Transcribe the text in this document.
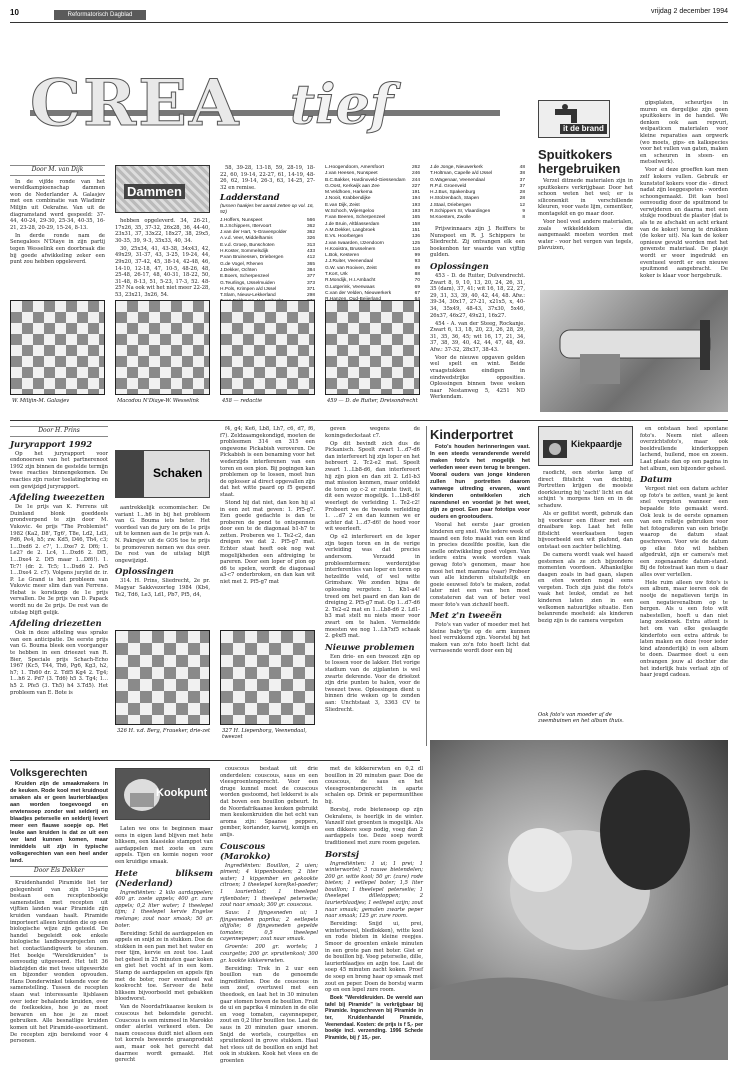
10	Reformatorisch Dagblad	vrijdag 2 december 1994
CREA tief
Door M. van Dijk

In de vijfde ronde van het wereldkampioenschap dammen won de Nederlander A. Galasjev met een combinatie van Wladimir Milijin uit Oekraïne. Van uit de diagramstand werd gespeeld: 37-44, 40-24, 29-30, 25-34, 40-35, 16-21, 23-28, 20-29, 15-24, 8-13.

In derde ronde nam de Senegalees N'Diaye in zijn partij tegen Wesselink een doorbraak die bij goede afwikkeling zeker een punt zou hebben opgeleverd.

W. Milijin-M. Galasjev
Dammen

hebben opgeleverd. 34, 26-21, 17x26, 35, 37-32, 26x28, 36, 44-40, 23x31, 37, 33x22, 18x27, 38, 29x5, 30-35, 39, 9-3, 35x33, 40, 34.

30, 25x34, 41, 43-38, 34x43, 42, 49x29, 31-37, 43, 3-25, 19-24, 44, 29x20, 37-42, 45, 38-14, 42-48, 46, 14-10, 12-18, 47, 10-5, 48-26, 48, 25-48, 26-17, 48, 40-31, 18-22, 50, 31-48, 8-13, 51, 5-23, 17-3, 52. 48-25? Na ook wit het niet meer 22-28, 53, 23x21, 3x26, 54.

Macodou N'Diaye-W. Wesselink

58, 39-28, 13-18, 59, 28-19, 18-22, 60, 19-14, 22-27, 61, 14-19, 48-26, 62, 19-14, 26-3, 63, 14-25, 27-32 en remise.

Ladderstand
(tussen haakjes het aantal zetten op vol. 16, 92)
J.Hoffers, Nunspeet	566
B.J.Schippers, Ittervoort	362
J.van der Hart, 's-Gravenpolder	362
A.v.d. Veer, Middelharnis	326
E.v.d. Groep, Bunschoten	313
H.Koster, Sommelsdijk	433
P.van Bruinessen, Driebergen	412
G.de Vogel, Rhenen	365
J.Dekker, Ochten	384
E.Boers, Scherpenzeel	377
G.Teurlings, IJsselmuiden	373
H.Pols, Krimpen a/d IJssel	371
T.Slam, Nieuw-Lekkerland	298
458 — redactie
L.Hoogendoorn, Amersfoort	262
J.van Heesen, Nunspeet	246
B.C.Bakker, Hardinxveld-Giessendam 244
G.Oost, Kerkwijk aan Zee	227
M.Veldhoen, Harkema	191
J.Nooit, Krabbendijke	194
E.van Dijk, Zeist	193
W.Schoch, Wijersgeloo	193
F.van Beeren, Scherpenzeel	165
J.de Bruin, Altblasserdam	158
A.M.Dekker, Langbroek	151
E.Vs. Hoorbergen	136
J.van Iwaarden, IJzendoorn	125
H.Kooistra, Brusselnem	116
L.Bok, Kesteren	99
J.J.Ruiter, Veenendaal	93
G.W. van Rooiven, Zeist	89
T.Kort, Urk	88
R.Mondijk, H.I.Ambacht	70
G.Lutgerink, Veenwaas	69
C.van der Velden, Nieuwerkerk	67
459 — D. de Ruiter, Dreisondrecht
J.de Jonge, Nieuwerkerk	48
T.Holtman, Capelle a/d IJssel	38
G.Wagenaar, Veenendaal	37
R.P.d. Groenveld	37
H.J.Bus, Spakenburg	28
H.Stolzenbach, Stapen	28
J.Staal, Driebergen	12
R.Schippers Sr, Vlaardingen	9
M.Koesters, Zwolle	8

Prijswinnaars zijn J. Reiffers te Nunspeet en R. J. Schippers te Sliedrecht. Zij ontvangen elk een boekenbon ter waarde van vijftig gulden.

Oplossingen

453 - D. de Ruiter, Dulvendrecht. Zwart 8, 9, 10, 13, 20, 24, 26, 31, 35 (dam), 37, 41; wit 16, 18, 22, 27, 29, 31, 33, 39, 40, 42, 44, 48. Afw.: 39-34, 30x17, 27-21, x21x5, x, 40-34, 35x49, 48-43, 37x30, 5x46, 26x37, 46x27, 49x21, 16x27.

454 - A. van der Steeg, Rockanje. Zwart 6, 13, 18, 20, 23, 26, 28, 29, 31, 35, 36, 45; wit 16, 17, 21, 34, 37, 38, 39, 40, 42, 44, 47, 48, 49. Afw.: 37-32, 28x37, 38-43.

Voor de nieuwe opgaven gelden wel spelt en wint. Beide vraagstukken eindigen in eindwedstrijke opposities. Oplossingen binnen twee weken naar Nestanweg 5, 4251 ND Werkendam.

it de brand
Spuitkokers hergebruiken

Verzel ditmede materialen zijn in spuitkokers verkrijgbaar. Door het schoon weten het wel; er is siliconenkit in verschillende kleuren, voor vaste lijm, cementker, montagekit en go maar door.

Voor heel veel andere materialen, zoals wikkeldekken - die aangemaakt moeten worden met water - voor het vergen van tegels, plavuizen,

gipsplaten, scheurtjes in muren en dergelijke zijn geen spuitkokers in de handel. We denken ook aan repvuri, welpasticen materialen voor kleine reparaties aan orgwerk (wo moets, gips- en kalkspecies voor het vullen van gaten, maken en scheuren in steen- en metselwerk).

Voor al deze groeffen kan men zelf kokers vullen. Gebruik er kunststof kokers voor die - direct nadat zijn leeggespoten - worden schoongemaakt. Dit kan heel eenvoudig door de spuitmond te verwijderen en daarna met een stukje roodbuut de plaster (dat is als te ze afschakt en acht erkant van de koker) terug te drukken (de koker uit). Na kan de koker opnieuw gevuld worden met het gewenste materiaal. De plasje wordt er weer ingedrukt en eventueel wordt er een nieuwe spuitmond aangebracht. De koker is klaar voor hergebruik.

Door H. Prins
Juryrapport 1992

Op het juryrapport voor endonoersen van het partnerenoot 1992 zijn binnen de gestelde termijn twee reacties binnengekomen. De reacties zijn ruster toelatingbring en een gewijzigd juryrapport.

Afdeling tweezetten

De 1e prijs van K. Ferrens uit Duinland blonk goeddeels grondverpend te zijn door M. Vukovic. 4e prijs "The Problemist" 1982 (Ka2, D8', Tg6', T8e, Ld2, Ld3, Pd6, Pe4, b5; zw. Kd5, D46, Th4, c3; 1...Dxd6 2. c7', 1...Dxe7 2. Df6; 1. Le2? de 2. Lc4, 1...Dxd6 2. Df5, 1...Dxe4 2. Df5 maar 1...Df6!). 1. Tc7! (dr. 2. Tc5; 1...Dxd6 2. Pe5 1...Dxe4 2. c7). Volgens jurylid dr. ir. P. Le Grand is het probleem van Vukovic meer slim dan van Ferrens. Hebat is korstkopp de 1e prijs vervallen. De 3e prijs van D. Papack wordt nu de 2e prijs. De rest van de uitslag blijft gelijk.

Afdeling driezetten

Ook in deze afdeling was sprake van een anticipatie. De eerste prijs van G. Bouma bleek een voorganger te hebben in een drieezet van R. Bier, Speciale prijs Schach-Echo 1967 (Kc5, T44, Th6, Pg6, Kg3, h2, h7; 1. Th60 dr. 2. Tdf5 Kg4 2. Tg4; 1...h6 2. Pd7 (3. Td6) h5 3. Tg4; 1... h5 2. Pfe5 (3. Th5) h4 3.Td5). Het probleem van E. Bote is

Schaken

aantrekkelijk ecomomischer. De variant 1...h6 in bij het probleem van G. Bouma iets beter. Het voordeel van de jury om de 1e prijs uit te kennen aan de 1e prijs van A. N. Pakrejev uit de GOS toe te prijs te promoveren nemen we dus over. De rest van de uitslag blijft ongewijzigd.

Oplossingen

314. H. Prins, Sliedrecht, 2e pr. Magyar Sakkvezerteg 1984 (Kb4, Te2, Td6, Le3, Ld1, Pb7, Pf5, d4,

326 H. v.d. Berg, Fraueker, drie-zet

f4, g4; Ke6, Lb8, Lh7, c6, d7, f6, f7). Zeldzaamgekondigd, moeten de probleemen 314 en 315 een ongewone Pickabish veroveren. De Pickabish is een benaming voor het wederzijds interferenen van een toren en een pion. Bij pogingen kan problemen op te lossen, moet hun de oplosser al direct opgevallen zijn dat het witte paard op f5 gepend staat.

Stond hij dat niet, dan kon hij al in een zet mat geven: 1. Pf5-g7. Een goede gedachte is dan te proberen de pend te ontspennen door een te de diagonaal b1-h7 te zetten. Proberen we 1. Te2-c2, dan dreigen we dat 2. Pf5-g7 mat. Echter staat heeft ook nog wat mogelijkheden een afdreiging te pareren. Door een loper of pion op d6 te spelen, wordt de diagonaal a3-c7 onderbroken, en dan kan wit niet met 2. Pf5-g7 mat

327 H. Liepenborg, Veenendaal, tweezet

geven wegens de koningsdeckstaat c7.

Op dit bevindt zich dus de Pickanisch. Speelt zwart 1...d7-d6 dan interfereert hij zijn loper en het hebreert 2. Tc2-e2 mat. Speelt zwart 1...Lb8-d6, dan interfereert hij zijn pion en dan zit 2. Ld1-b3 mat mission kenmen, maar ontdekt de toren op c-2 er ruimte tiwit, is dit een wezor mogelijk. 1...Lb8-d6! weerlegt de verleiding 1. Te2-c2! Probeert we de tweede verleiding 1. ...d7 2 en dan kunnen we er achter dat 1...d7-d6! de hoed voor wit weerleeft.

Op e2 interfereert en de loper zijn tegen toren en in de verige verleiding was dat precies andersom. Verzadd in probleemtermen: werderzijdse interferenties van loper en toren op hetzelfde veld, of wel witte Grimshaw. We zonden bijna de oplossing vergeten: 1. Kb1-a4! treed om het paard en dan kan de dreiging 2. Pf5-g7 mat. Op 1...d7-d6 2. Te2-e2 mat en 1...Lb8-d6 2. Ld1-b3 mat stelt nu niets meer voor zwart om te halen. Vermeldde moesten we nog 1...Lh7xf5 schaak 2. g4xf5 mat.

Nieuwe problemen

Een drie- en een tweezet zijn op te lossen voor de lakker. Het vorige stadium van de zijplanten is wel zwarte dekrende. Voor de drieëzet zijn drie punten te halen, voor de tweezet twee. Oplossingen dient u binnen drie weken op te zenden aan: Unchtstaat 3, 3363 CV te Sliedrecht.

Kinderportret

Foto's houden herinneringen vast. In een steeds veranderende wereld maken foto's het mogelijk het verleden weer even terug te brengen. Vooral ouders van jonge kinderen zullen hun portretten daarom vanwege uitreding ervaren, want kinderen ontwikkelen zich razendsnel en voordat je het weet, zijn ze groot. Een paar fototips voor ouders en grootouders.

Vooral het eerste jaar groeien kinderen erg snel. Wie iedere week of maand een foto maakt van een kind in precies dezelfde positie, kan die snelle ontwikkeling goed volgen. Van iedere extra week worden vaak gewag foto's genomen, maar hoe mooi het met mamma (vaar) Probeer van alle kinderen uitsluitelijk en goeie eeuwsel foto's te maken, zodat later niet een van hen moet constateren dat van of beter veel meer foto's van zichzelf heeft.

Met z'n tweeën

Foto's van vader of moeder met het kleine baby'tje op de arm kunnen heel verrukkend zijn. Voorstel bij het maken van zo'n foto hoeft licht dat verrassende wordt door een bij

Kiekpaardje

raodicht, een sterke lamp of direct flitslicht van dichtbij. Portretten krijgen de mooiste doorkleuring bij 'zacht' licht en dat schijnt 's morgens tien en in de schaduw.

Als er geflitst wordt, gebruik dan bij voorkeur een flitser met een draaibare kop. Laat het felle flitslicht weerkaatsen tegen bijvoorbeeld een wit plafond, dan ontstaat een zachter belichting.

De camera wordt vaak wel haasd gestemen als ze zich bijzondere momenten voordoen. Afhankelijke daagen zoals in bad gaan, slapen en eten worden nogal eens vergeten. Toch zijn juist die foto's vaak het leukst, omdat ze het kinderen laten zien in een welkomen natuurlijke situatie. Een belanrende moeheid: als kinderen bezig zijn is de camera vergeten

Ook foto's van moeder af de zwembuinen en het album thuis.

en ontstaan heel spontane foto's. Neem niet alleen overzichtsfoto's, maar ook beeldvullende kinderkoppen lachend, huilend, moe en zoeen. Laat plaats dan op een pagina in het album, een bijzonder geheel.

Datum

Vergeet niet een datum achter op foto's te zetten, want je kent snel vergeten wanneer een bepaalde foto gemaakt werd. Ook leuk is de eerste opnamen van een rolletje gebruiken voor het fotograferen van een briefje waarop de datum staat geschreven. Voor wie de datum op elke foto wil hebben afgedrukt, zijn er camera's met een zogenaamde datum-stand. Bij de fotostraat kan men u daar alles over vertellen.

Hele ruim alleen uw foto's is een album, maar ieeren ook de nootje de negatieven terijn in een negatievenalbum op te bergen. Als u een foto wilt nabestellen, hoeft u dan niet lang zoeknoek. Extra attent is het om van elke geslaagde kinderfoto een extra afdruk te laten maken en deze (voor ieder kind afzonderlijk) in een album te doen. Daarmee doet u een ontvangen jouw al dochter die het inderlijk huis verlaat zijn of haar jeugd cadeau.

Volksgerechten

Kruiden zijn de smaakmakers in de keuken. Rode kool met kruidnout smaken als er geen laurierblaadjes aan worden toegevoegd en erwtensoep zonder wat selderij en blaadjes peterselie en selderij levert meer een flauwe soepje op. Het leuke aan kruiden is dat ze uit een ver land kunnen komen, maar inmiddels uit zijn in typische volksgerechten van een heel ander land.

Door Els Dekker

Kruidenhandel Piramide liet ter gelegenheid van zijn 15-jarig bestaan een receptenboekje samenstellen met recepten uit vijftien landen waar Piramide zijn kruiden vandaan haalt. Piramide importeert alleen kruiden die op een biologische wijze zijn geteeld. De handel begeleidt ook enkele biologische landbouwprojecten om het contactlandigwerk te steunen. Het boekje "Wereldkruiden" is eenvoudig uitgevoerd. Het telt 36 bladzijden die met twee uitgewerkte en bijzonder wonden opvouden. Hans Donderwinkel tekende voor de samenstelling. Tussen de recepten staan wat interessante lijsblasen over ieder behalende kruiden, over de foelkoekies, hoe je ze moet bewaren en hoe je ze moet gebruiken. Alle besnatlige kruiden komen uit het Piramide-assortiment. De recepten zijn berekend voor 4 personen.

Kookpunt

Laten we ons te beginnen maar eens in eigen land blijven met hete bliksem, een klassieke stamppot van aardappelen met zoete en zure appels. Tijen en kemie nogen voor een kruidige smaak.

Hete bliksem (Nederland)

Ingrediënten: 2 kilo aardappelen; 400 gr. zoete appels; 400 gr. zure appels; 0,2 liter water; 1 theelepel tijm; 1 theelepel kervie Engelse melange; zout naar smaak; 50 gr. boter.

Bereiding: Schil de aardappelen en appels en snijd ze in stukken. Doe de stukken in een pan met het water en roer tijm, kervie en zout toe. Laat het geheel in 25 minuten gaar koken en giet het vocht af in een kom. Stamp de aardappelen en appels fijn met de boter, roer eventueel wat kookvocht toe. Serveer de hete bliksem bijvoorbeeld met gebakken bloedworst.

Van de Noordafrikaanse keuken is couscous het bekendste gerecht. Couscous is een mixmeel in Marokko onder alerlei verkeerd eten. De naam couscous duidt niet alleen een tot korrels beweerde graanprodukt aan, maar ook het gerecht dat daarmee wordt gemaakt. Het gerecht

couscous bestaat uit drie onderdelen: couscous, saus en een vleesgroentengerecht. Voor een druge kunnel moet de couscous worden gestoomd, het lekkerst is als dat boven een bouillon gebeurt. In de Noordafrikaanse keuken gebruikt men keukenkruiden die het echt van aroma zijn: Spaanse peppers, gember, koriander, karwij, komijn en anijs.

Couscous (Marokko)

Ingrediënten: Bouillon, 2 uien; piment; 4 kippenbouten; 2 liter water; 1 kipgember en gekookte citroen; 1 theelepel korefkel-poeder; 1 laurierblad; 1 theelepel rijlenboter; 1 theelepel peterselie; zout naar smaak; 300 gr. couscous.

Saus: 1 fijngesneden ui; 1 fijngesneden paprika; 2 eetlepels olijfolie; 6 fijngesneden gepelde tomaten; 0,5 theelepel cayennepeper; zout naar smaak.

Groente: 200 gr. wortels; 1 courgette; 200 gr. spruitenkool; 300 gr. kookte kikkererwten.

Bereiding: Trek in 2 uur een bouillon van de genoemde ingrediënten. Doe de couscous in een zeef, overtuwel met een theedoek, en laat het in 30 minuten gaar stomen boven de bouillon. Fruit de ui en paprika 4 minuten in de olie en voeg tomaten, cayennepeper, zout en 0,2 liter bouillon toe. Laat de saus in 20 minuten gaar smoren. Snijd de wortels, courgettes en spruitenkool in grove stukken. Haal het vlees uit de bouillon en snijd het ook in stukken. Kook het vlees en de groenten

met de kikkererwten en 0,2 dl bouillon in 20 minuten gaar. Doe de couscous, de saus en het vleesgroentengerecht in aparte schalen op. Drink er pepermuntthee bij.

Borstsj, rode bietensoep op zijn Oekraïens, is heerlijk in de winter. Vanzelf niet groenten is mogelijk. Als een dikkere soep nodig, voeg dan 2 aardappels toe. Deze soep wordt traditioneel met zure room gegeten.

Borstsj

Ingrediënten: 1 ui; 1 prei; 1 winterwortel; 3 rauwe bietendelen; 200 gr. witte kool; 50 gr. (zure) rode bieten; 1 eetlepel boter; 1,5 liter bouillon; 1 theelepel peterselie; 1 theelepel dilletoppen; 2 laurierblaadjes; 1 eetlepel azijn; zout naar smaak; gemalen zwarte peper naar smaak; 125 gr. zure room.

Bereiding: Snijd ui, prei, wintertoevel, bledlokken), witte kool en rode bieten in kleine reepjes. Smoor de groenten enkele minuten in een grote pan met boter. Giet er de bouillon bij. Voeg peterselie, dille, laurierblaadjes en azijn toe. Laat de soep 45 minuten zacht koken. Proef de soep en breng haar op smaak met zout en peper. Doen de borstsj warm op en een lepel zure room.

Boek "Wereldkruiden. De wereld aan tafel bij Piramide" is verkrijgbaar bij Piramide. Ingeschreven bij Piramide in ter, Kruidenhandel Piramide, Veenendaal. Kosten: de prijs is f 5,- per boekje incl. verzending. 1996 Schede Piramide, bij ƒ 15,- per.
